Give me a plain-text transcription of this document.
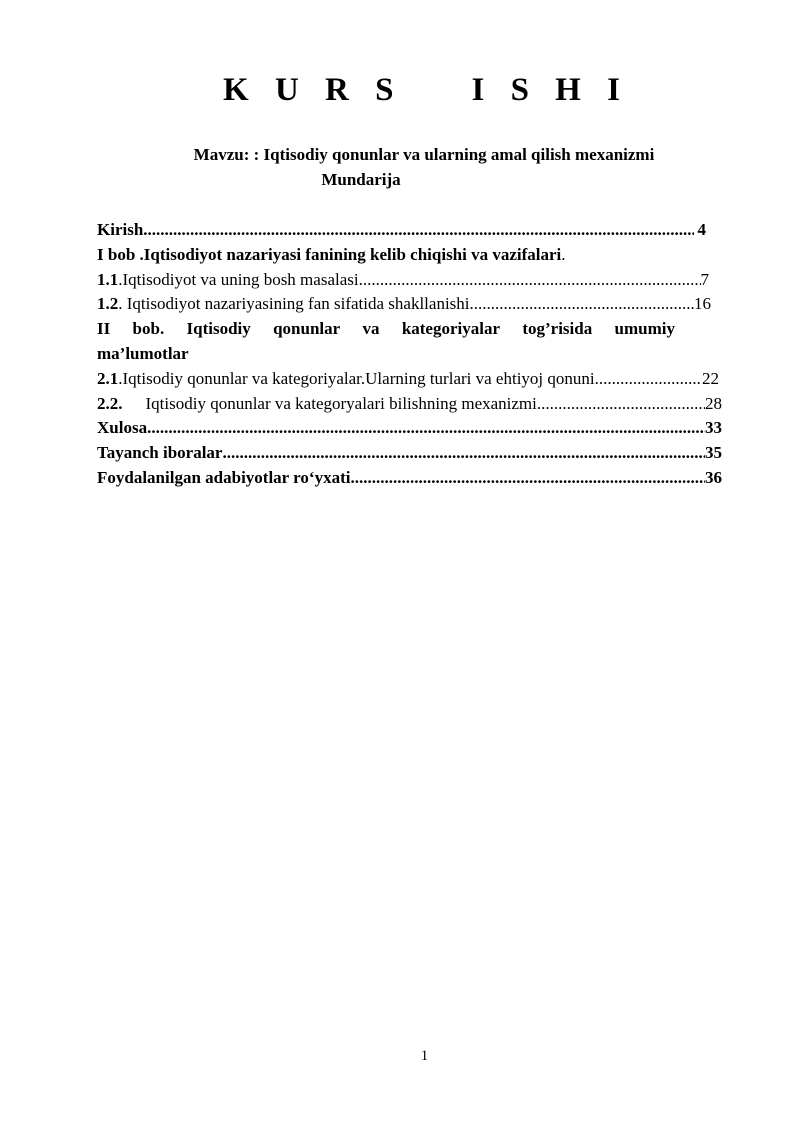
K U R S    I S H I
Mavzu: : Iqtisodiy qonunlar va ularning amal qilish mexanizmi
Mundarija
Kirish .....	4
I bob .Iqtisodiyot nazariyasi fanining kelib chiqishi va vazifalari.
1.1.Iqtisodiyot va uning bosh masalasi .....	7
1.2. Iqtisodiyot nazariyasining fan sifatida shakllanishi .....	16
II bob. Iqtisodiy qonunlar va kategoriyalar tog’risida umumiy
ma’lumotlar
2.1.Iqtisodiy qonunlar va kategoriyalar.Ularning turlari va ehtiyoj qonuni .....	22
2.2. Iqtisodiy qonunlar va kategoryalari bilishning mexanizmi .....	28
Xulosa .....	33
Tayanch iboralar .....	35
Foydalanilgan adabiyotlar ro‘yxati .....	36
1
